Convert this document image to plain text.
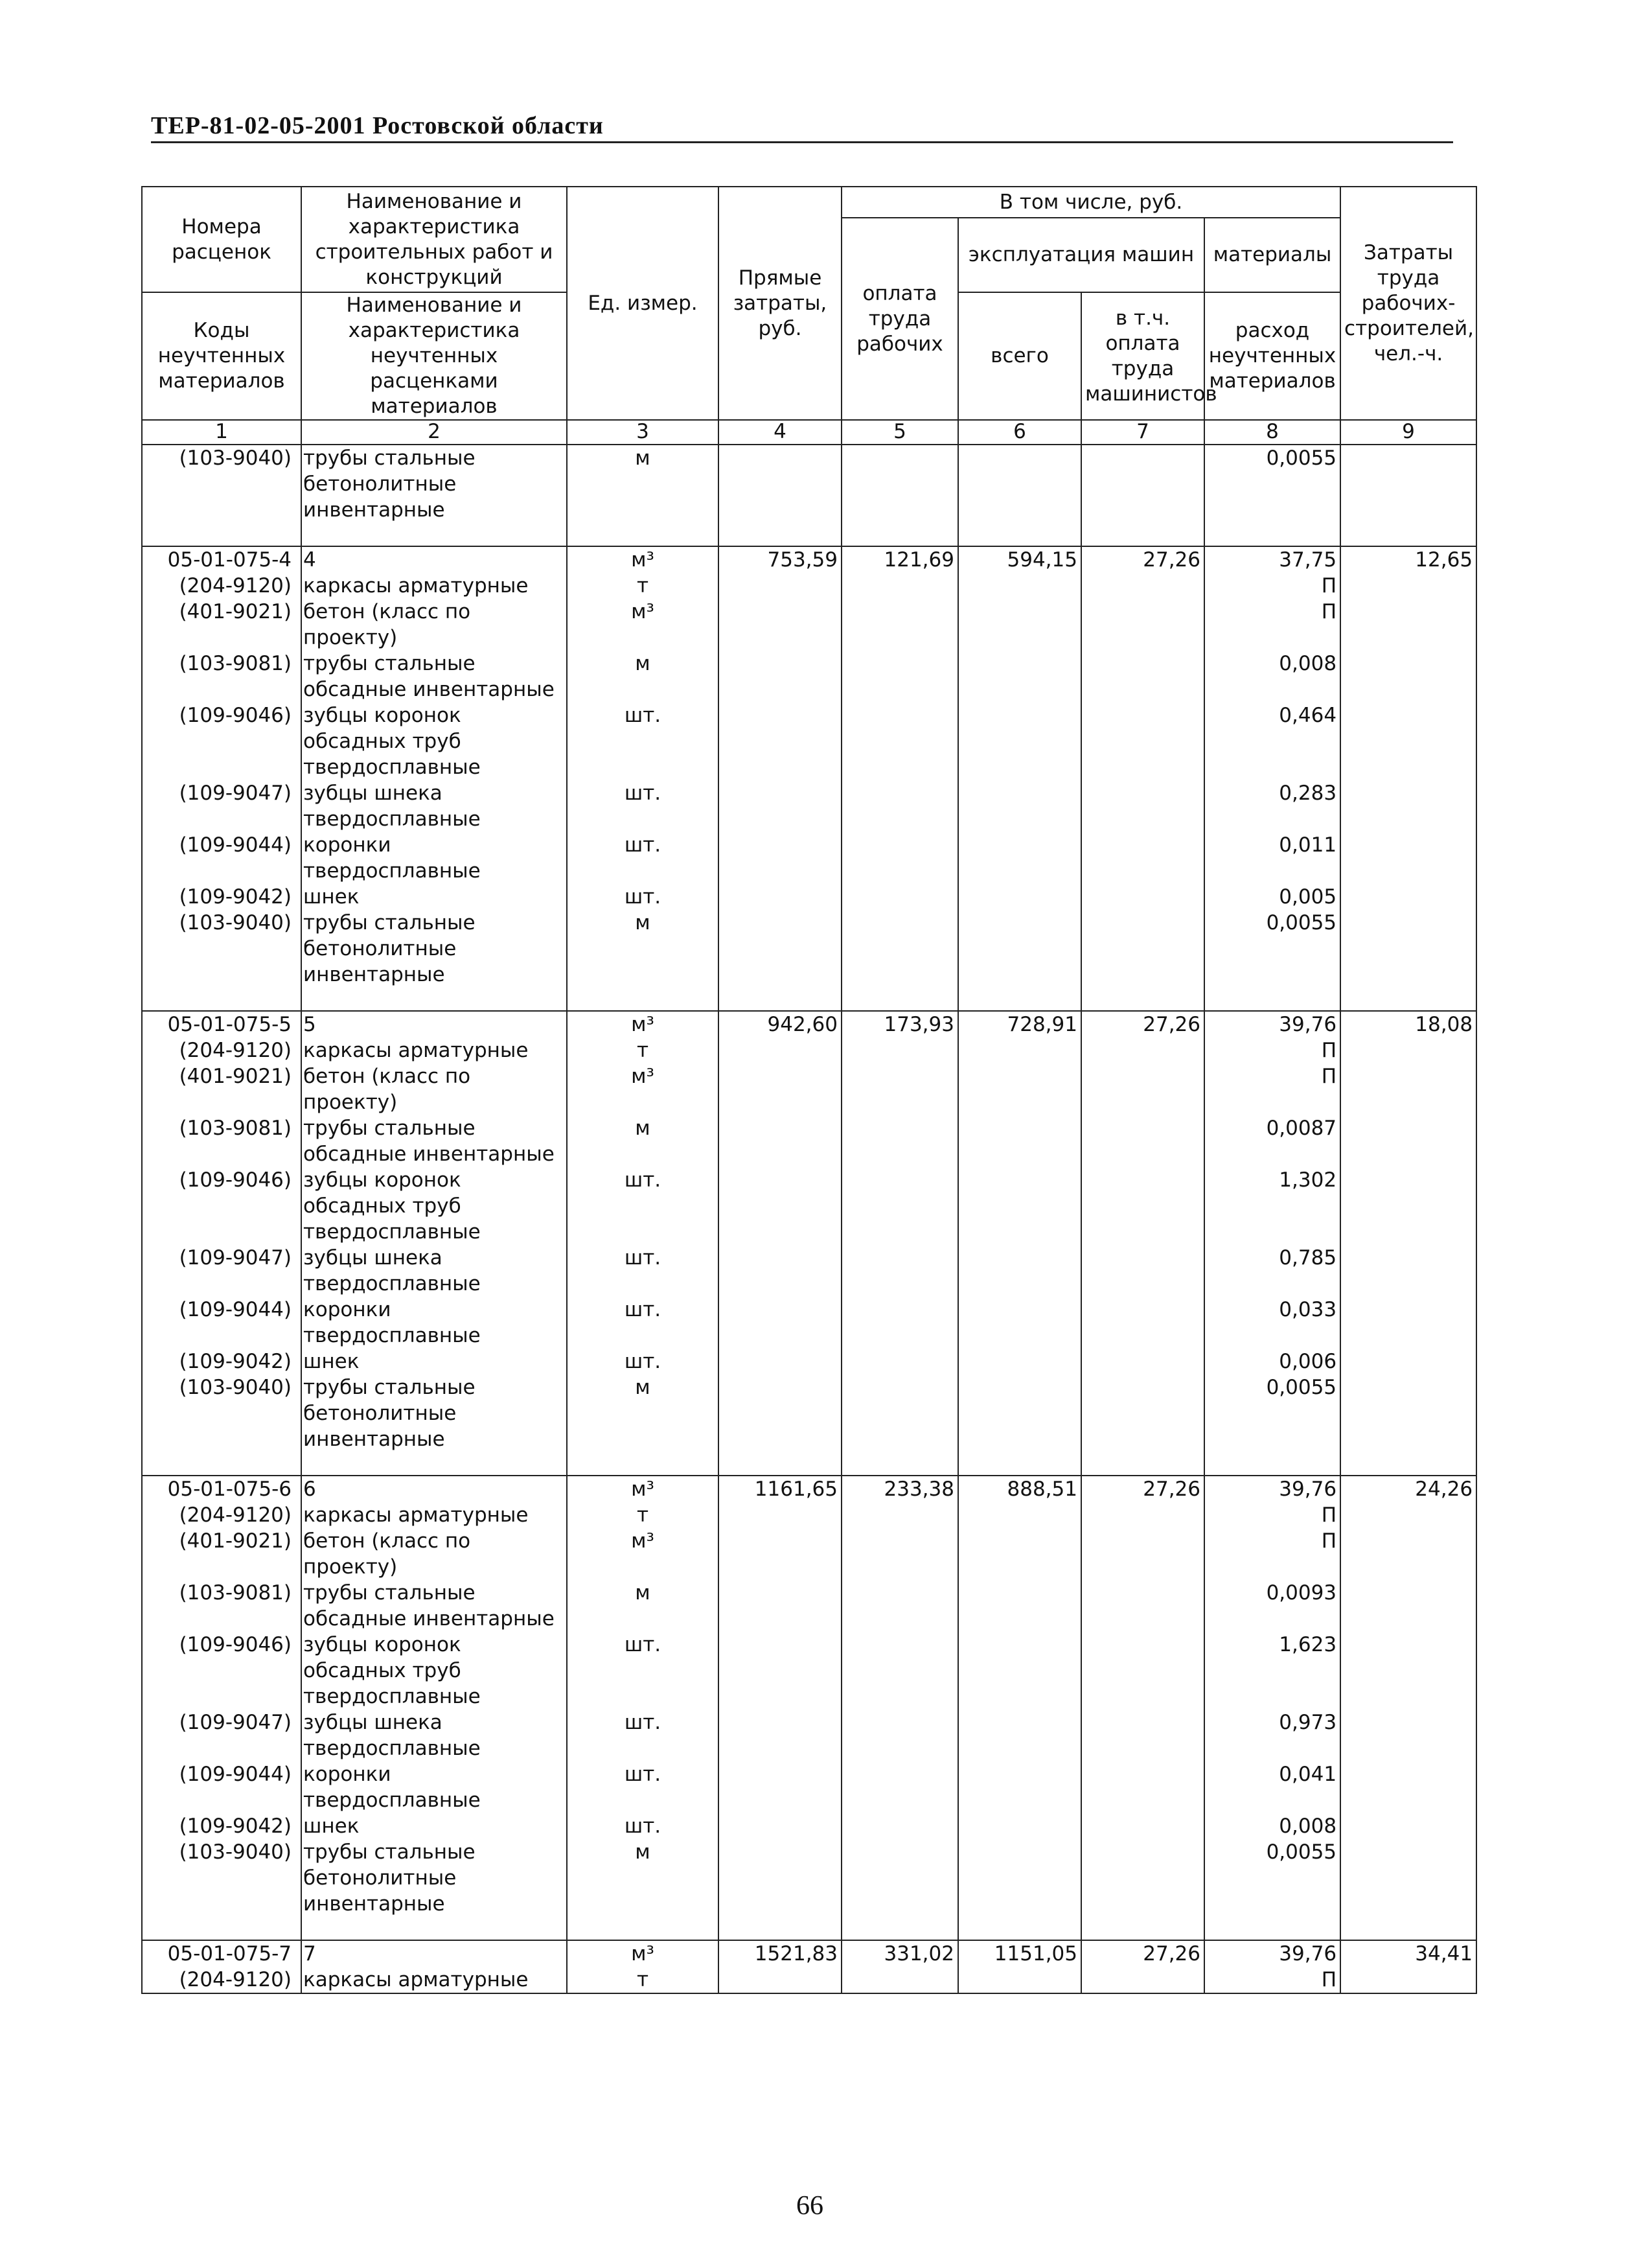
ТЕР-81-02-05-2001 Ростовской области
Номера расценок	Наименование и характеристика строительных работ и конструкций	Ед. измер.	Прямые затраты, руб.	В том числе, руб.				Затраты труда рабочих-строителей, чел.-ч.
				оплата труда рабочих	эксплуатация машин		материалы	

Коды неучтенных материалов	Наименование и характеристика неучтенных расценками материалов				всего	в т.ч. оплата труда машинистов	расход неучтенных материалов	

1	2	3	4	5	6	7	8	9
(103-9040)	трубы стальные бетонолитные инвентарные	м					0,0055	

05-01-075-4	4	м³	753,59	121,69	594,15	27,26	37,75	12,65
(204-9120)	каркасы арматурные	т					П	
(401-9021)	бетон (класс по проекту)	м³					П	
(103-9081)	трубы стальные обсадные инвентарные	м					0,008	
(109-9046)	зубцы коронок обсадных труб твердосплавные	шт.					0,464	
(109-9047)	зубцы шнека твердосплавные	шт.					0,283	
(109-9044)	коронки твердосплавные	шт.					0,011	
(109-9042)	шнек	шт.					0,005	
(103-9040)	трубы стальные бетонолитные инвентарные	м					0,0055	

05-01-075-5	5	м³	942,60	173,93	728,91	27,26	39,76	18,08
(204-9120)	каркасы арматурные	т					П	
(401-9021)	бетон (класс по проекту)	м³					П	
(103-9081)	трубы стальные обсадные инвентарные	м					0,0087	
(109-9046)	зубцы коронок обсадных труб твердосплавные	шт.					1,302	
(109-9047)	зубцы шнека твердосплавные	шт.					0,785	
(109-9044)	коронки твердосплавные	шт.					0,033	
(109-9042)	шнек	шт.					0,006	
(103-9040)	трубы стальные бетонолитные инвентарные	м					0,0055	

05-01-075-6	6	м³	1161,65	233,38	888,51	27,26	39,76	24,26
(204-9120)	каркасы арматурные	т					П	
(401-9021)	бетон (класс по проекту)	м³					П	
(103-9081)	трубы стальные обсадные инвентарные	м					0,0093	
(109-9046)	зубцы коронок обсадных труб твердосплавные	шт.					1,623	
(109-9047)	зубцы шнека твердосплавные	шт.					0,973	
(109-9044)	коронки твердосплавные	шт.					0,041	
(109-9042)	шнек	шт.					0,008	
(103-9040)	трубы стальные бетонолитные инвентарные	м					0,0055	

05-01-075-7	7	м³	1521,83	331,02	1151,05	27,26	39,76	34,41
(204-9120)	каркасы арматурные	т					П	
66
